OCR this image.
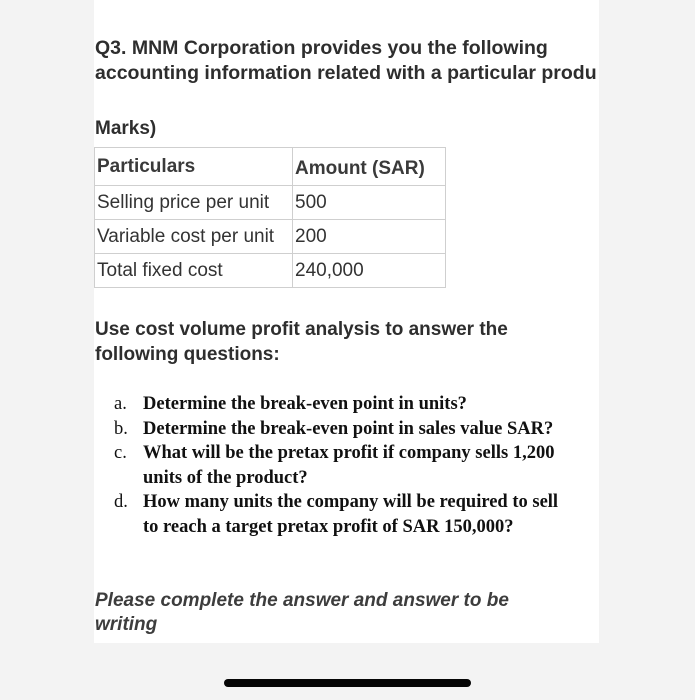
Q3. MNM Corporation provides you the following
accounting information related with a particular produ
Marks)
Particulars	Amount (SAR)
Selling price per unit	500
Variable cost per unit	200
Total fixed cost	240,000

Use cost volume profit analysis to answer the
following questions:

a. Determine the break-even point in units?
b. Determine the break-even point in sales value SAR?
c. What will be the pretax profit if company sells 1,200
units of the product?
d. How many units the company will be required to sell
to reach a target pretax profit of SAR 150,000?

Please complete the answer and answer to be
writing
